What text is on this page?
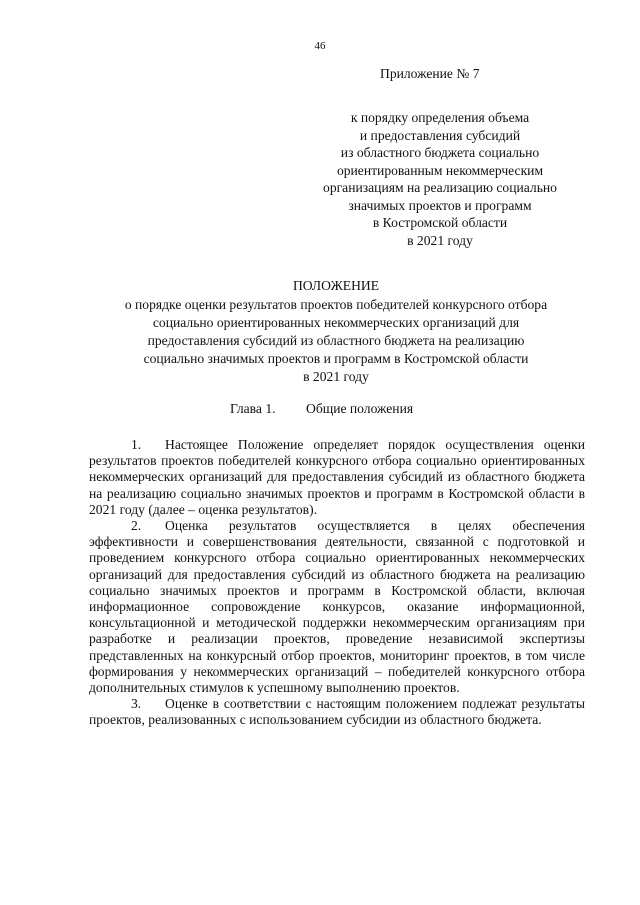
46
Приложение № 7
к порядку определения объема
и предоставления субсидий
из областного бюджета социально
ориентированным некоммерческим
организациям на реализацию социально
значимых проектов и программ
в Костромской области
в 2021 году
ПОЛОЖЕНИЕ
о порядке оценки результатов проектов победителей конкурсного отбора
социально ориентированных некоммерческих организаций для
предоставления субсидий из областного бюджета на реализацию
социально значимых проектов и программ в Костромской области
в 2021 году
Глава 1. Общие положения

1. Настоящее Положение определяет порядок осуществления оценки результатов проектов победителей конкурсного отбора социально ориентированных некоммерческих организаций для предоставления субсидий из областного бюджета на реализацию социально значимых проектов и программ в Костромской области в 2021 году (далее – оценка результатов).

2. Оценка результатов осуществляется в целях обеспечения эффективности и совершенствования деятельности, связанной с подготовкой и проведением конкурсного отбора социально ориентированных некоммерческих организаций для предоставления субсидий из областного бюджета на реализацию социально значимых проектов и программ в Костромской области, включая информационное сопровождение конкурсов, оказание информационной, консультационной и методической поддержки некоммерческим организациям при разработке и реализации проектов, проведение независимой экспертизы представленных на конкурсный отбор проектов, мониторинг проектов, в том числе формирования у некоммерческих организаций – победителей конкурсного отбора дополнительных стимулов к успешному выполнению проектов.

3. Оценке в соответствии с настоящим положением подлежат результаты проектов, реализованных с использованием субсидии из областного бюджета.
